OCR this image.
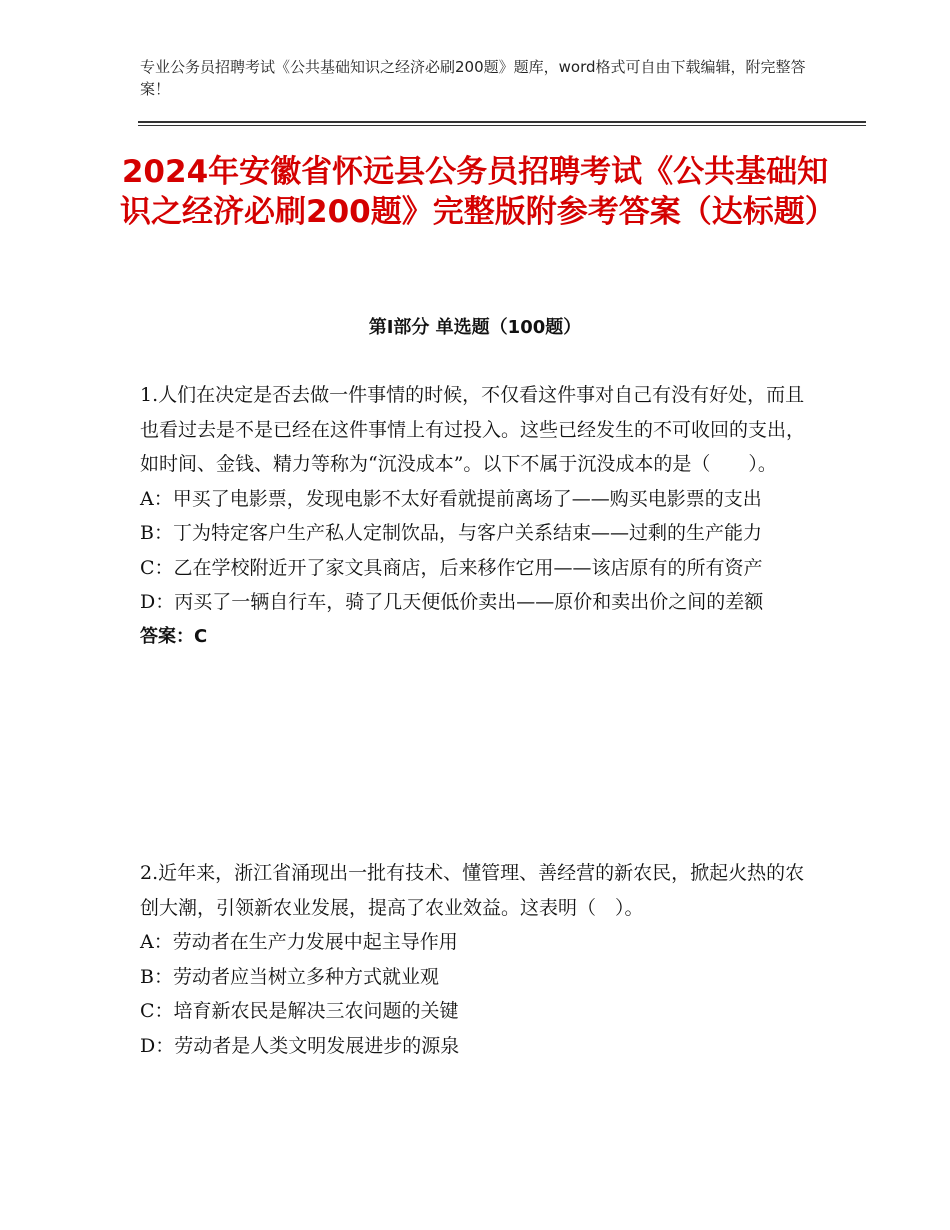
专业公务员招聘考试《公共基础知识之经济必刷200题》题库，word格式可自由下载编辑，附完整答案！
2024年安徽省怀远县公务员招聘考试《公共基础知识之经济必刷200题》完整版附参考答案（达标题）
第I部分 单选题（100题）

1.人们在决定是否去做一件事情的时候，不仅看这件事对自己有没有好处，而且也看过去是不是已经在这件事情上有过投入。这些已经发生的不可收回的支出，如时间、金钱、精力等称为“沉没成本”。以下不属于沉没成本的是（　　）。

A：甲买了电影票，发现电影不太好看就提前离场了——购买电影票的支出

B：丁为特定客户生产私人定制饮品，与客户关系结束——过剩的生产能力

C：乙在学校附近开了家文具商店，后来移作它用——该店原有的所有资产

D：丙买了一辆自行车，骑了几天便低价卖出——原价和卖出价之间的差额

答案：C

2.近年来，浙江省涌现出一批有技术、懂管理、善经营的新农民，掀起火热的农创大潮，引领新农业发展，提高了农业效益。这表明（　）。

A：劳动者在生产力发展中起主导作用

B：劳动者应当树立多种方式就业观

C：培育新农民是解决三农问题的关键

D：劳动者是人类文明发展进步的源泉
